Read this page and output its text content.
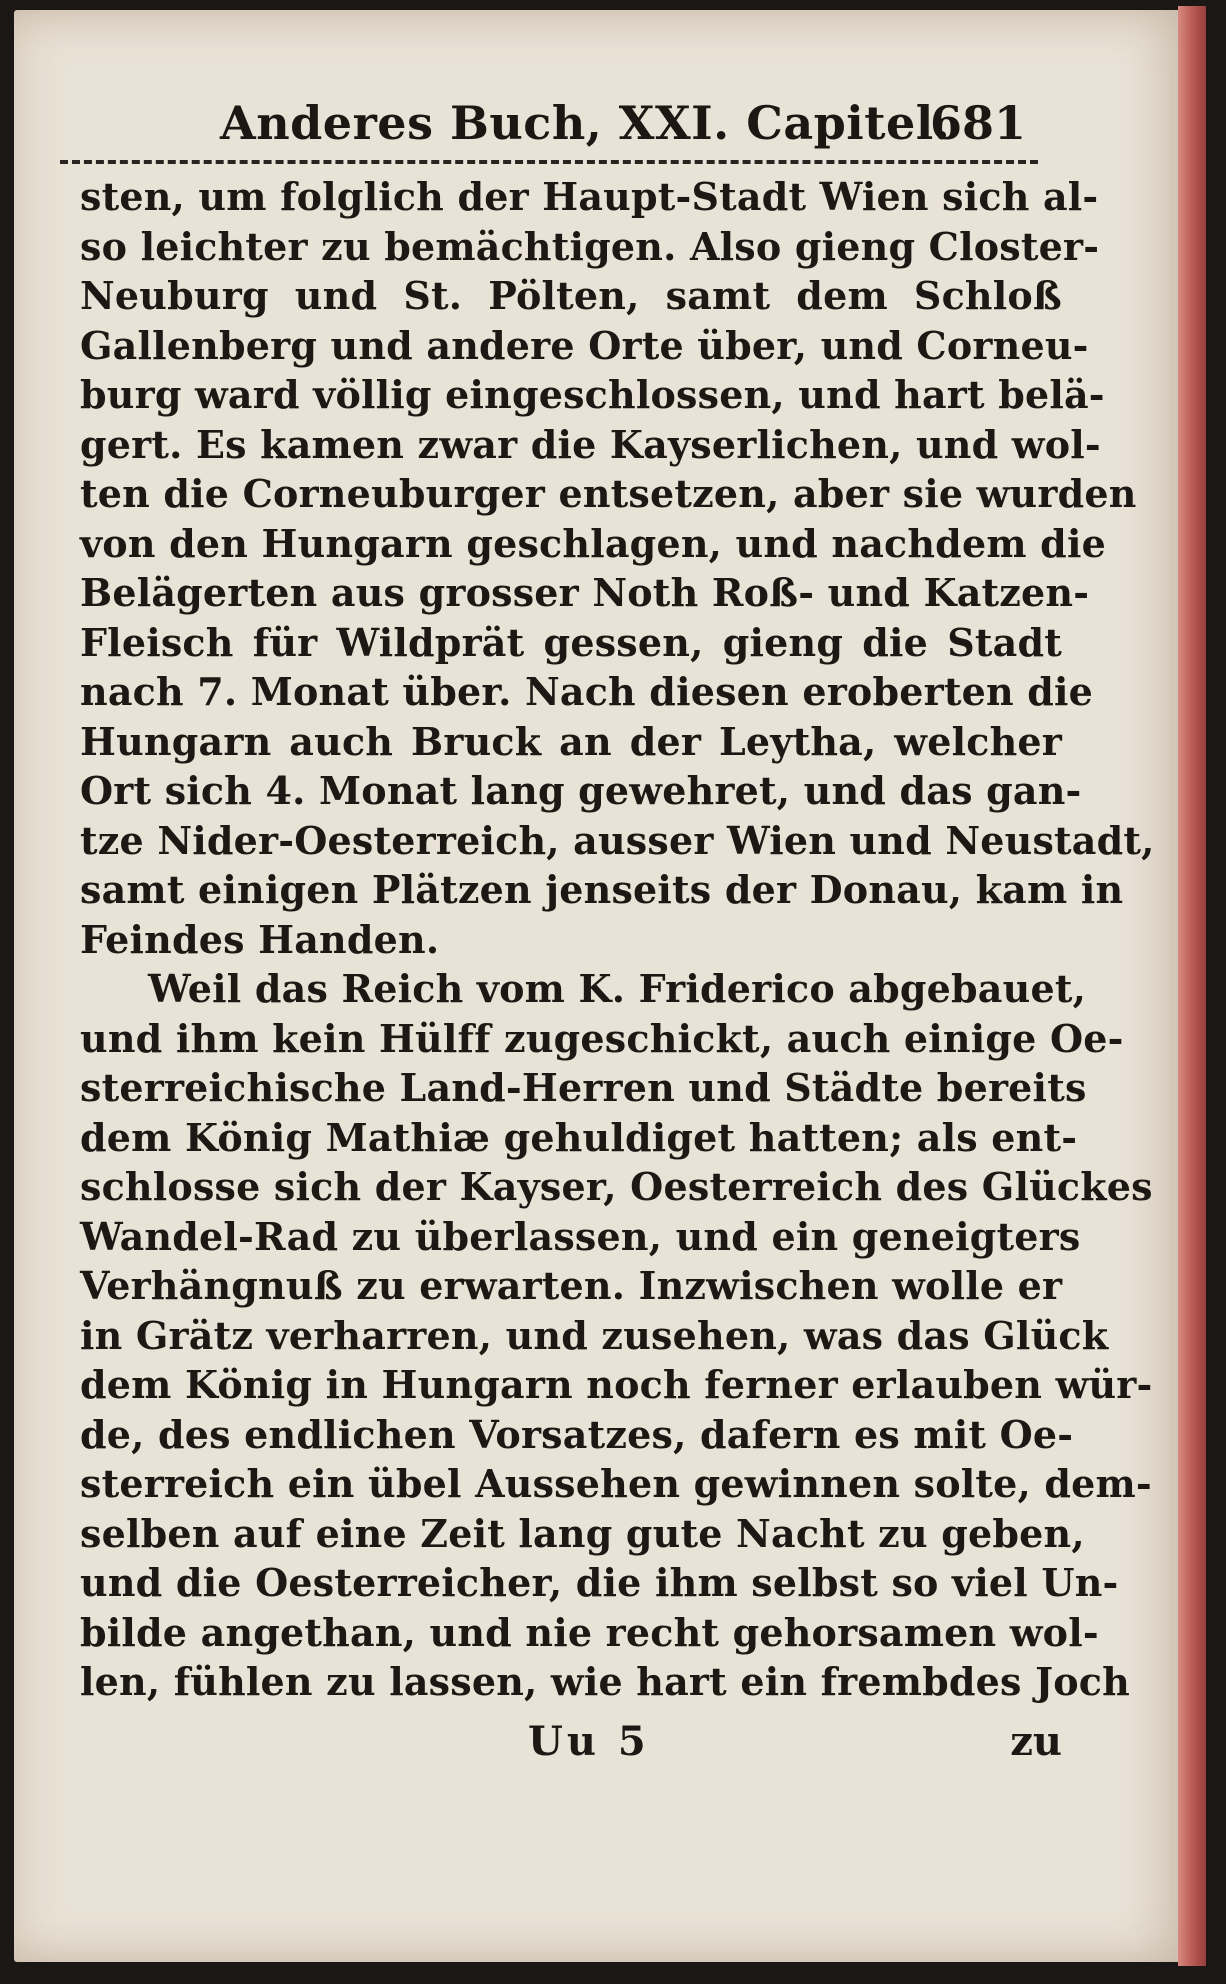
Anderes Buch, XXI. Capitel.
681
sten, um folglich der Haupt-Stadt Wien sich al-
so leichter zu bemächtigen. Also gieng Closter-
Neuburg und St. Pölten, samt dem Schloß
Gallenberg und andere Orte über, und Corneu-
burg ward völlig eingeschlossen, und hart belä-
gert. Es kamen zwar die Kayserlichen, und wol-
ten die Corneuburger entsetzen, aber sie wurden
von den Hungarn geschlagen, und nachdem die
Belägerten aus grosser Noth Roß- und Katzen-
Fleisch für Wildprät gessen, gieng die Stadt
nach 7. Monat über. Nach diesen eroberten die
Hungarn auch Bruck an der Leytha, welcher
Ort sich 4. Monat lang gewehret, und das gan-
tze Nider-Oesterreich, ausser Wien und Neustadt,
samt einigen Plätzen jenseits der Donau, kam in
Feindes Handen.
Weil das Reich vom K. Friderico abgebauet,
und ihm kein Hülff zugeschickt, auch einige Oe-
sterreichische Land-Herren und Städte bereits
dem König Mathiæ gehuldiget hatten; als ent-
schlosse sich der Kayser, Oesterreich des Glückes
Wandel-Rad zu überlassen, und ein geneigters
Verhängnuß zu erwarten. Inzwischen wolle er
in Grätz verharren, und zusehen, was das Glück
dem König in Hungarn noch ferner erlauben wür-
de, des endlichen Vorsatzes, dafern es mit Oe-
sterreich ein übel Aussehen gewinnen solte, dem-
selben auf eine Zeit lang gute Nacht zu geben,
und die Oesterreicher, die ihm selbst so viel Un-
bilde angethan, und nie recht gehorsamen wol-
len, fühlen zu lassen, wie hart ein frembdes Joch
Uu 5	zu
